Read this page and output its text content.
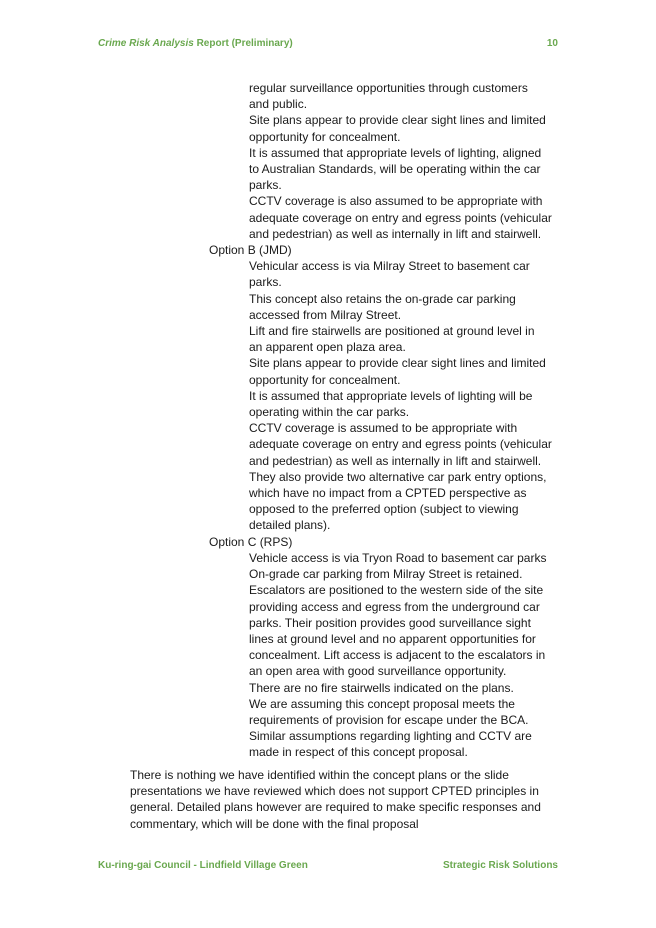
Crime Risk Analysis Report (Preliminary)	10
regular surveillance opportunities through customers
and public.
Site plans appear to provide clear sight lines and limited
opportunity for concealment.
It is assumed that appropriate levels of lighting, aligned
to Australian Standards, will be operating within the car
parks.
CCTV coverage is also assumed to be appropriate with
adequate coverage on entry and egress points (vehicular
and pedestrian) as well as internally in lift and stairwell.
Option B (JMD)
Vehicular access is via Milray Street to basement car
parks.
This concept also retains the on-grade car parking
accessed from Milray Street.
Lift and fire stairwells are positioned at ground level in
an apparent open plaza area.
Site plans appear to provide clear sight lines and limited
opportunity for concealment.
It is assumed that appropriate levels of lighting will be
operating within the car parks.
CCTV coverage is assumed to be appropriate with
adequate coverage on entry and egress points (vehicular
and pedestrian) as well as internally in lift and stairwell.
They also provide two alternative car park entry options,
which have no impact from a CPTED perspective as
opposed to the preferred option (subject to viewing
detailed plans).
Option C (RPS)
Vehicle access is via Tryon Road to basement car parks
On-grade car parking from Milray Street is retained.
Escalators are positioned to the western side of the site
providing access and egress from the underground car
parks. Their position provides good surveillance sight
lines at ground level and no apparent opportunities for
concealment. Lift access is adjacent to the escalators in
an open area with good surveillance opportunity.
There are no fire stairwells indicated on the plans.
We are assuming this concept proposal meets the
requirements of provision for escape under the BCA.
Similar assumptions regarding lighting and CCTV are
made in respect of this concept proposal.
There is nothing we have identified within the concept plans or the slide
presentations we have reviewed which does not support CPTED principles in
general. Detailed plans however are required to make specific responses and
commentary, which will be done with the final proposal
Ku-ring-gai Council - Lindfield Village Green	Strategic Risk Solutions
